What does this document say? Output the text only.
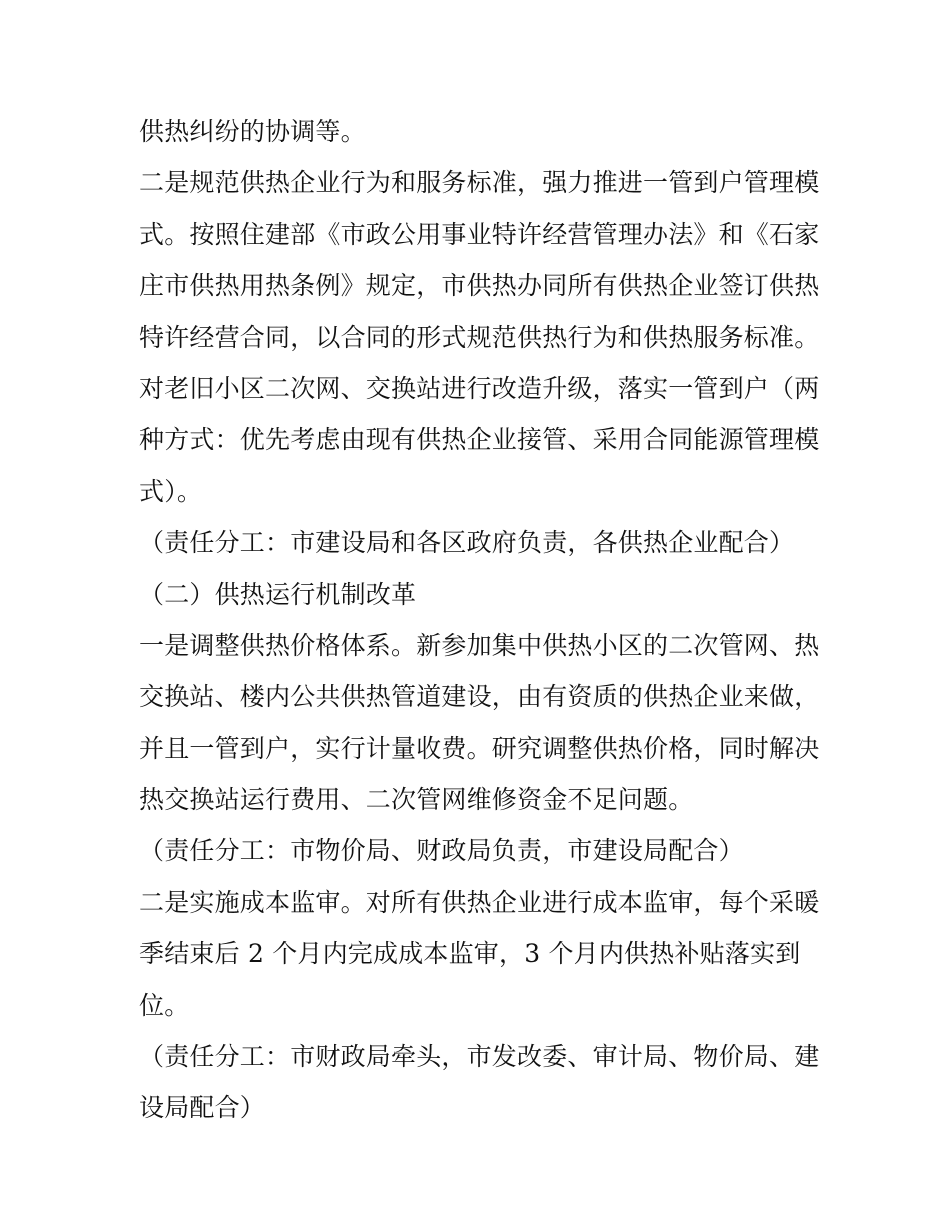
供热纠纷的协调等。
二是规范供热企业行为和服务标准，强力推进一管到户管理模
式。按照住建部《市政公用事业特许经营管理办法》和《石家
庄市供热用热条例》规定，市供热办同所有供热企业签订供热
特许经营合同，以合同的形式规范供热行为和供热服务标准。
对老旧小区二次网、交换站进行改造升级，落实一管到户（两
种方式：优先考虑由现有供热企业接管、采用合同能源管理模
式）。
（责任分工：市建设局和各区政府负责，各供热企业配合）
（二）供热运行机制改革
一是调整供热价格体系。新参加集中供热小区的二次管网、热
交换站、楼内公共供热管道建设，由有资质的供热企业来做，
并且一管到户，实行计量收费。研究调整供热价格，同时解决
热交换站运行费用、二次管网维修资金不足问题。
（责任分工：市物价局、财政局负责，市建设局配合）
二是实施成本监审。对所有供热企业进行成本监审，每个采暖
季结束后 2 个月内完成成本监审，3 个月内供热补贴落实到
位。
（责任分工：市财政局牵头，市发改委、审计局、物价局、建
设局配合）
